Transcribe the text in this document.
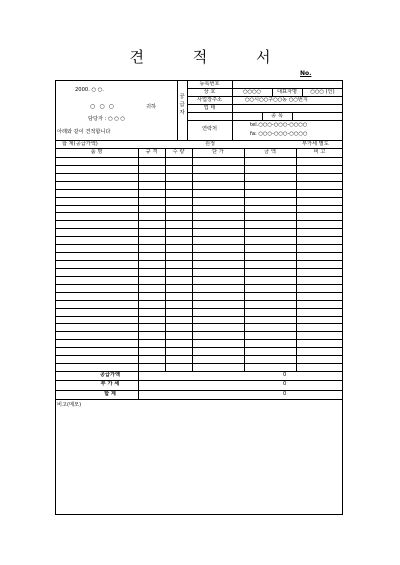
견 적 서
No.
2000. ○ ○.
○ ○ ○	귀하
담당자 : ○ ○ ○
아래와 같이 견적합니다
공급자
등록번호
상 호	○○○○	대표자명	○○○ (인)
사업장주소	○○시○○구○○동 ○○번지
업 태
종 목
연락처
tel.○○○-○○○-○○○○
fa: ○○○-○○○-○○○○
합 계(공급가액)	원정	부가세 별도
품 명	규 격	수 량	단 가	금 액	비 고
공급가액	0
부 가 세	0
합 계	0
비고(메모)
